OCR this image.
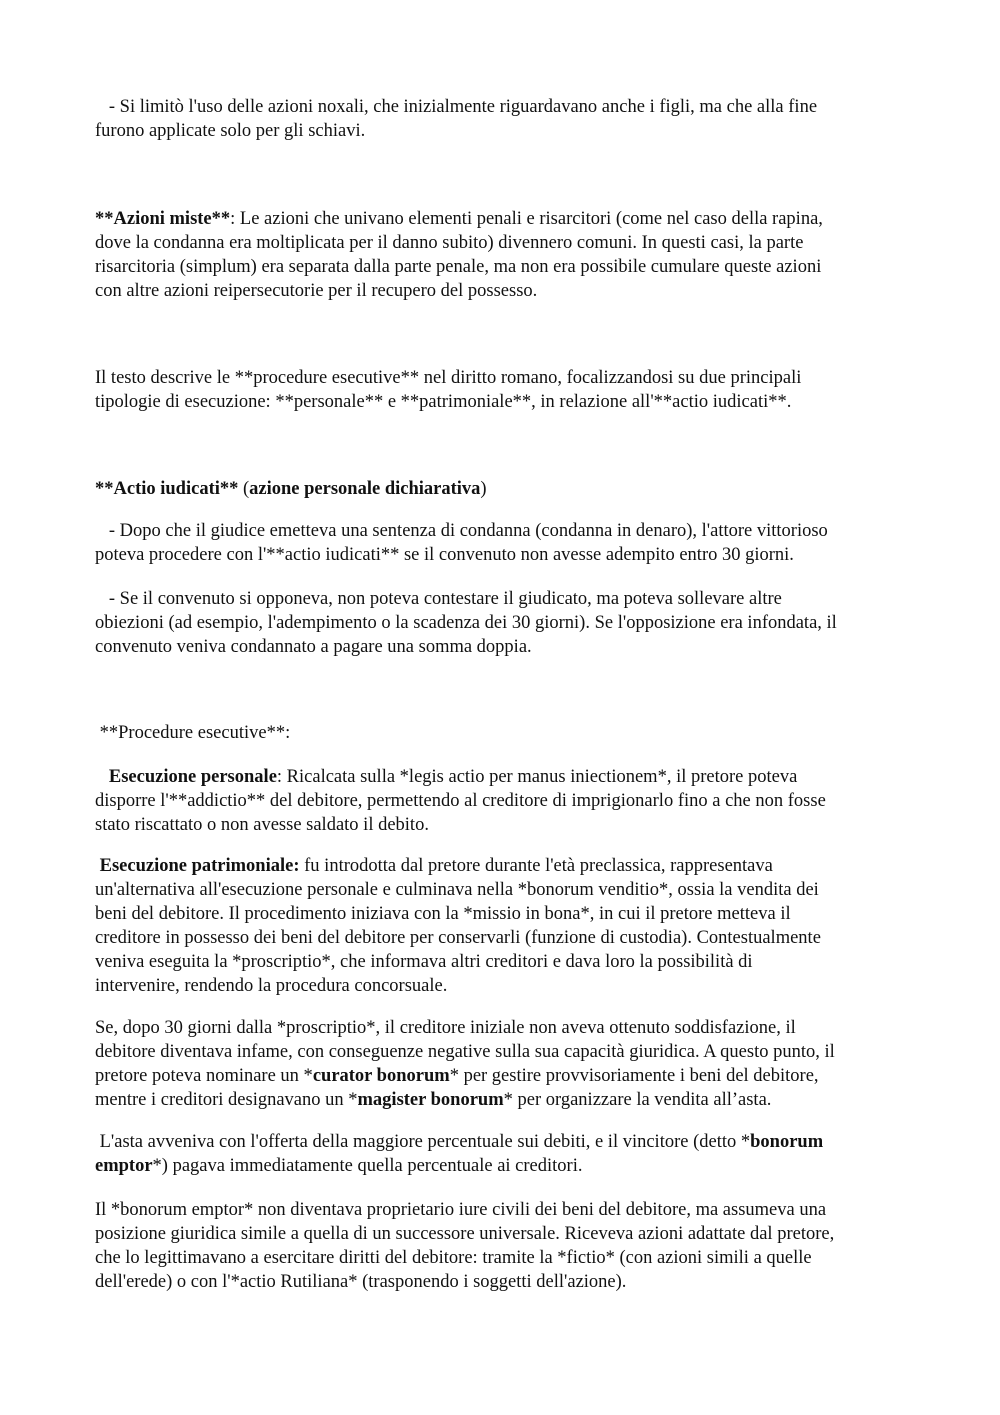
- Si limitò l'uso delle azioni noxali, che inizialmente riguardavano anche i figli, ma che alla fine
furono applicate solo per gli schiavi.
**Azioni miste**: Le azioni che univano elementi penali e risarcitori (come nel caso della rapina,
dove la condanna era moltiplicata per il danno subito) divennero comuni. In questi casi, la parte
risarcitoria (simplum) era separata dalla parte penale, ma non era possibile cumulare queste azioni
con altre azioni reipersecutorie per il recupero del possesso.
Il testo descrive le **procedure esecutive** nel diritto romano, focalizzandosi su due principali
tipologie di esecuzione: **personale** e **patrimoniale**, in relazione all'**actio iudicati**.
**Actio iudicati** (azione personale dichiarativa)
- Dopo che il giudice emetteva una sentenza di condanna (condanna in denaro), l'attore vittorioso
poteva procedere con l'**actio iudicati** se il convenuto non avesse adempito entro 30 giorni.
- Se il convenuto si opponeva, non poteva contestare il giudicato, ma poteva sollevare altre
obiezioni (ad esempio, l'adempimento o la scadenza dei 30 giorni). Se l'opposizione era infondata, il
convenuto veniva condannato a pagare una somma doppia.
**Procedure esecutive**:
Esecuzione personale: Ricalcata sulla *legis actio per manus iniectionem*, il pretore poteva
disporre l'**addictio** del debitore, permettendo al creditore di imprigionarlo fino a che non fosse
stato riscattato o non avesse saldato il debito.
Esecuzione patrimoniale: fu introdotta dal pretore durante l'età preclassica, rappresentava
un'alternativa all'esecuzione personale e culminava nella *bonorum venditio*, ossia la vendita dei
beni del debitore. Il procedimento iniziava con la *missio in bona*, in cui il pretore metteva il
creditore in possesso dei beni del debitore per conservarli (funzione di custodia). Contestualmente
veniva eseguita la *proscriptio*, che informava altri creditori e dava loro la possibilità di
intervenire, rendendo la procedura concorsuale.
Se, dopo 30 giorni dalla *proscriptio*, il creditore iniziale non aveva ottenuto soddisfazione, il
debitore diventava infame, con conseguenze negative sulla sua capacità giuridica. A questo punto, il
pretore poteva nominare un *curator bonorum* per gestire provvisoriamente i beni del debitore,
mentre i creditori designavano un *magister bonorum* per organizzare la vendita all’asta.
L'asta avveniva con l'offerta della maggiore percentuale sui debiti, e il vincitore (detto *bonorum
emptor*) pagava immediatamente quella percentuale ai creditori.
Il *bonorum emptor* non diventava proprietario iure civili dei beni del debitore, ma assumeva una
posizione giuridica simile a quella di un successore universale. Riceveva azioni adattate dal pretore,
che lo legittimavano a esercitare diritti del debitore: tramite la *fictio* (con azioni simili a quelle
dell'erede) o con l'*actio Rutiliana* (trasponendo i soggetti dell'azione).
